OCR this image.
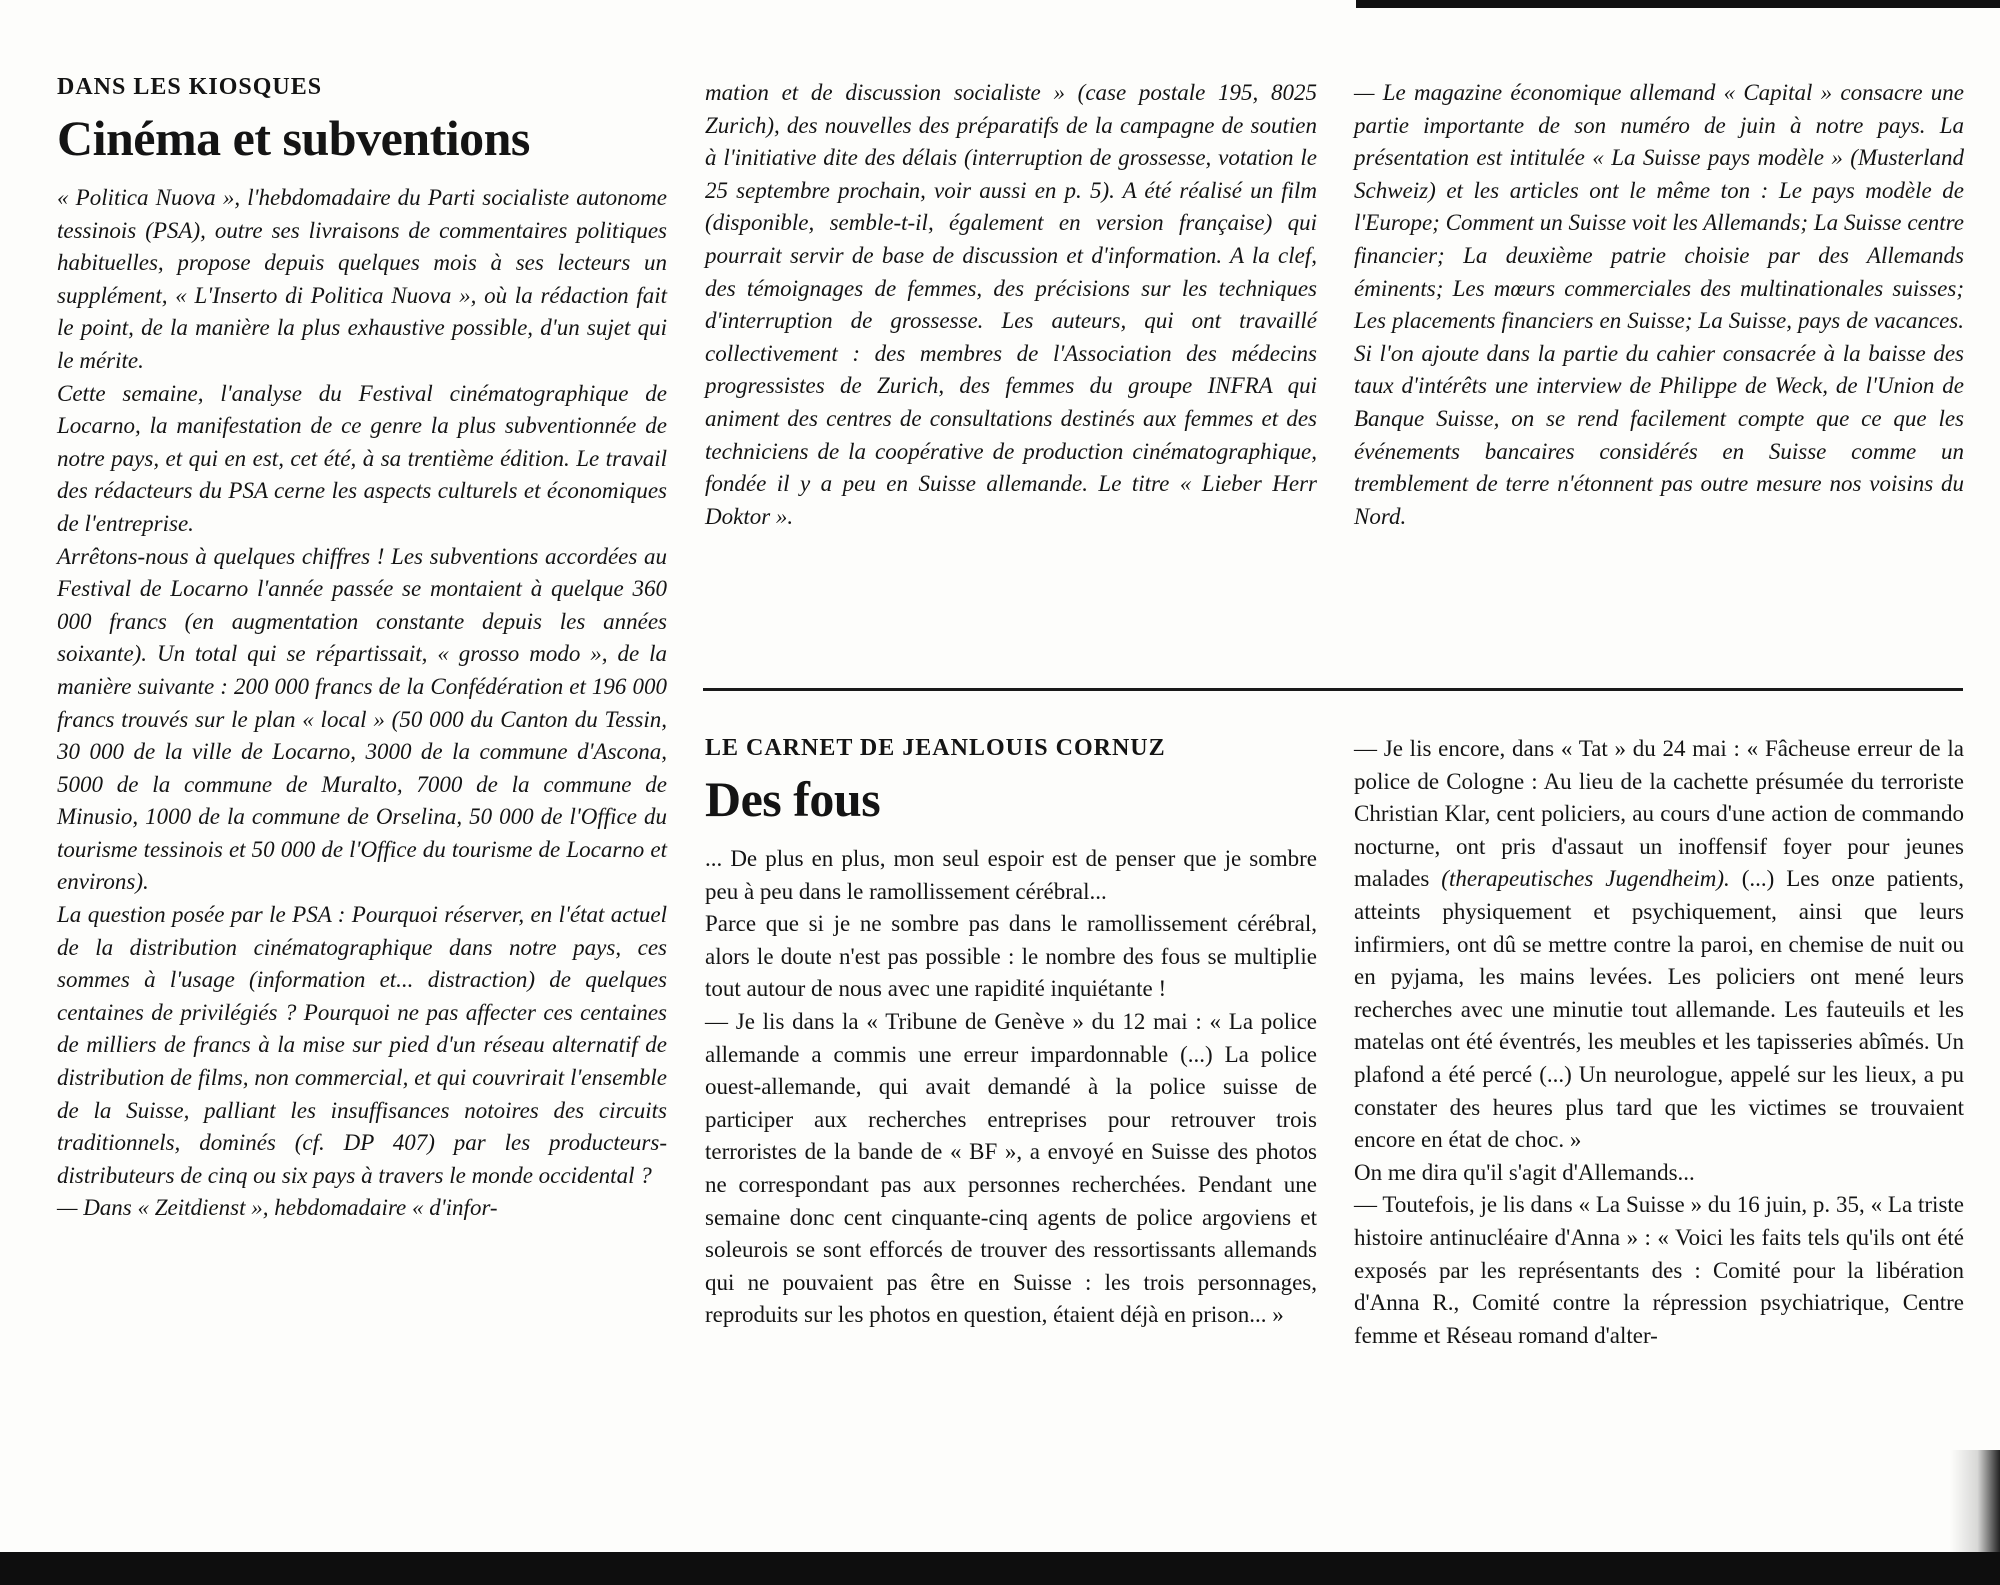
DANS LES KIOSQUES
Cinéma et subventions

« Politica Nuova », l'hebdomadaire du Parti socialiste autonome tessinois (PSA), outre ses livraisons de commentaires politiques habituelles, propose depuis quelques mois à ses lecteurs un supplément, « L'Inserto di Politica Nuova », où la rédaction fait le point, de la manière la plus exhaustive possible, d'un sujet qui le mérite.

Cette semaine, l'analyse du Festival cinématographique de Locarno, la manifestation de ce genre la plus subventionnée de notre pays, et qui en est, cet été, à sa trentième édition. Le travail des rédacteurs du PSA cerne les aspects culturels et économiques de l'entreprise.

Arrêtons-nous à quelques chiffres ! Les subventions accordées au Festival de Locarno l'année passée se montaient à quelque 360 000 francs (en augmentation constante depuis les années soixante). Un total qui se répartissait, « grosso modo », de la manière suivante : 200 000 francs de la Confédération et 196 000 francs trouvés sur le plan « local » (50 000 du Canton du Tessin, 30 000 de la ville de Locarno, 3000 de la commune d'Ascona, 5000 de la commune de Muralto, 7000 de la commune de Minusio, 1000 de la commune de Orselina, 50 000 de l'Office du tourisme tessinois et 50 000 de l'Office du tourisme de Locarno et environs).

La question posée par le PSA : Pourquoi réserver, en l'état actuel de la distribution cinématographique dans notre pays, ces sommes à l'usage (information et... distraction) de quelques centaines de privilégiés ? Pourquoi ne pas affecter ces centaines de milliers de francs à la mise sur pied d'un réseau alternatif de distribution de films, non commercial, et qui couvrirait l'ensemble de la Suisse, palliant les insuffisances notoires des circuits traditionnels, dominés (cf. DP 407) par les producteurs-distributeurs de cinq ou six pays à travers le monde occidental ?

— Dans « Zeitdienst », hebdomadaire « d'infor-

mation et de discussion socialiste » (case postale 195, 8025 Zurich), des nouvelles des préparatifs de la campagne de soutien à l'initiative dite des délais (interruption de grossesse, votation le 25 septembre prochain, voir aussi en p. 5). A été réalisé un film (disponible, semble-t-il, également en version française) qui pourrait servir de base de discussion et d'information. A la clef, des témoignages de femmes, des précisions sur les techniques d'interruption de grossesse. Les auteurs, qui ont travaillé collectivement : des membres de l'Association des médecins progressistes de Zurich, des femmes du groupe INFRA qui animent des centres de consultations destinés aux femmes et des techniciens de la coopérative de production cinématographique, fondée il y a peu en Suisse allemande. Le titre « Lieber Herr Doktor ».

— Le magazine économique allemand « Capital » consacre une partie importante de son numéro de juin à notre pays. La présentation est intitulée « La Suisse pays modèle » (Musterland Schweiz) et les articles ont le même ton : Le pays modèle de l'Europe; Comment un Suisse voit les Allemands; La Suisse centre financier; La deuxième patrie choisie par des Allemands éminents; Les mœurs commerciales des multinationales suisses; Les placements financiers en Suisse; La Suisse, pays de vacances. Si l'on ajoute dans la partie du cahier consacrée à la baisse des taux d'intérêts une interview de Philippe de Weck, de l'Union de Banque Suisse, on se rend facilement compte que ce que les événements bancaires considérés en Suisse comme un tremblement de terre n'étonnent pas outre mesure nos voisins du Nord.

LE CARNET DE JEANLOUIS CORNUZ
Des fous

... De plus en plus, mon seul espoir est de penser que je sombre peu à peu dans le ramollissement cérébral...

Parce que si je ne sombre pas dans le ramollissement cérébral, alors le doute n'est pas possible : le nombre des fous se multiplie tout autour de nous avec une rapidité inquiétante !

— Je lis dans la « Tribune de Genève » du 12 mai : « La police allemande a commis une erreur impardonnable (...) La police ouest-allemande, qui avait demandé à la police suisse de participer aux recherches entreprises pour retrouver trois terroristes de la bande de « BF », a envoyé en Suisse des photos ne correspondant pas aux personnes recherchées. Pendant une semaine donc cent cinquante-cinq agents de police argoviens et soleurois se sont efforcés de trouver des ressortissants allemands qui ne pouvaient pas être en Suisse : les trois personnages, reproduits sur les photos en question, étaient déjà en prison... »

— Je lis encore, dans « Tat » du 24 mai : « Fâcheuse erreur de la police de Cologne : Au lieu de la cachette présumée du terroriste Christian Klar, cent policiers, au cours d'une action de commando nocturne, ont pris d'assaut un inoffensif foyer pour jeunes malades (therapeutisches Jugendheim). (...) Les onze patients, atteints physiquement et psychiquement, ainsi que leurs infirmiers, ont dû se mettre contre la paroi, en chemise de nuit ou en pyjama, les mains levées. Les policiers ont mené leurs recherches avec une minutie tout allemande. Les fauteuils et les matelas ont été éventrés, les meubles et les tapisseries abîmés. Un plafond a été percé (...) Un neurologue, appelé sur les lieux, a pu constater des heures plus tard que les victimes se trouvaient encore en état de choc. »

On me dira qu'il s'agit d'Allemands...

— Toutefois, je lis dans « La Suisse » du 16 juin, p. 35, « La triste histoire antinucléaire d'Anna » : « Voici les faits tels qu'ils ont été exposés par les représentants des : Comité pour la libération d'Anna R., Comité contre la répression psychiatrique, Centre femme et Réseau romand d'alter-
